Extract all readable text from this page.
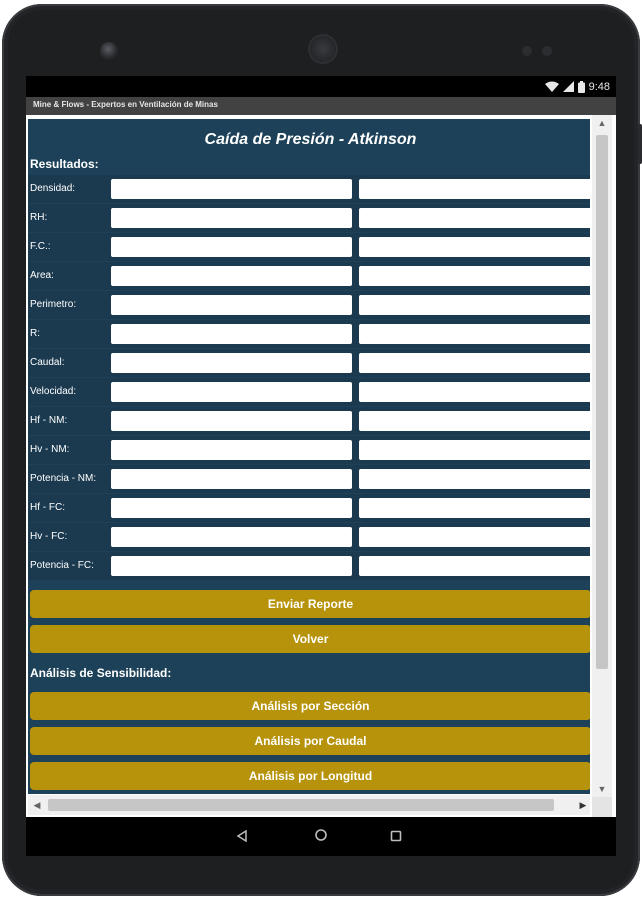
9:48
Mine & Flows - Expertos en Ventilación de Minas
Caída de Presión - Atkinson
Resultados:
Densidad:
RH:
F.C.:
Area:
Perimetro:
R:
Caudal:
Velocidad:
Hf - NM:
Hv - NM:
Potencia - NM:
Hf - FC:
Hv - FC:
Potencia - FC:
Enviar Reporte
Volver
Análisis de Sensibilidad:
Análisis por Sección
Análisis por Caudal
Análisis por Longitud
▲
▼
◀	▶
